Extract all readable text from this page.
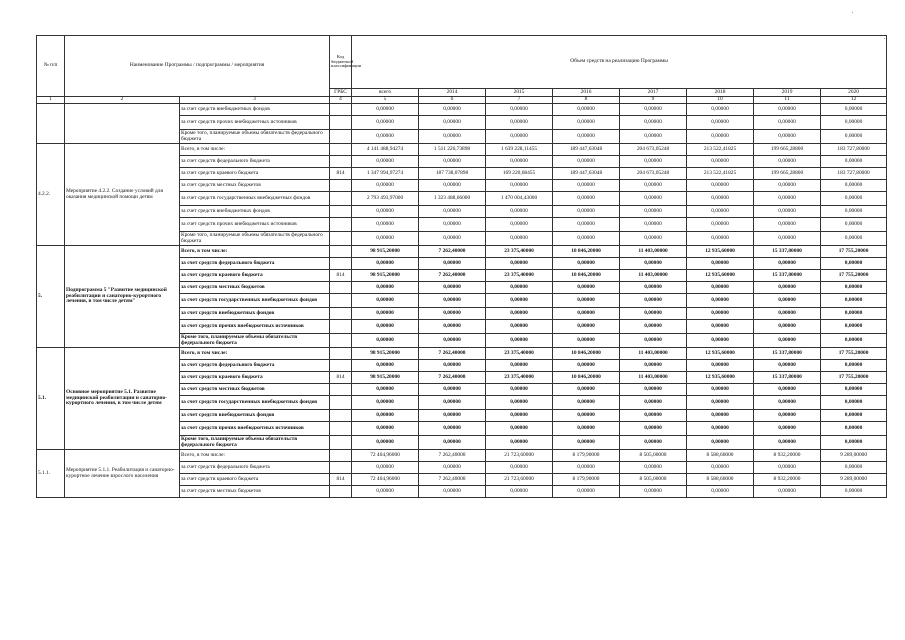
№ п/п	Наименование Программы / подпрограммы / мероприятия		Код бюджетной классификации	Объем средств на реализацию Программы							
			ГРБС	всего	2014	2015	2016	2017	2018	2019	2020
1	2	3	4	5	6	7	8	9	10	11	12
		за счет средств внебюджетных фондов		0,00000	0,00000	0,00000	0,00000	0,00000	0,00000	0,00000	0,00000
		за счет средств прочих внебюджетных источников		0,00000	0,00000	0,00000	0,00000	0,00000	0,00000	0,00000	0,00000
		Кроме того, планируемые объемы обязательств федерального бюджета		0,00000	0,00000	0,00000	0,00000	0,00000	0,00000	0,00000	0,00000
4.2.2.	Мероприятие 4.2.2. Создание условий для оказания медицинской помощи детям	Всего, в том числе:		4 141 488,94274	1 511 226,73898	1 639 228,11455	189 447,63048	204 673,05248	213 522,41825	199 665,28800	183 727,80000
		за счет средств федерального бюджета		0,00000	0,00000	0,00000	0,00000	0,00000	0,00000	0,00000	0,00000
		за счет средств краевого бюджета	814	1 347 994,97274	187 738,07898	169 220,68455	189 447,63048	204 673,05248	213 522,41825	199 665,28800	183 727,80000
		за счет средств местных бюджетов		0,00000	0,00000	0,00000	0,00000	0,00000	0,00000	0,00000	0,00000
		за счет средств государственных внебюджетных фондов		2 793 493,97000	1 323 488,66000	1 470 004,43000	0,00000	0,00000	0,00000	0,00000	0,00000
		за счет средств внебюджетных фондов		0,00000	0,00000	0,00000	0,00000	0,00000	0,00000	0,00000	0,00000
		за счет средств прочих внебюджетных источников		0,00000	0,00000	0,00000	0,00000	0,00000	0,00000	0,00000	0,00000
		Кроме того, планируемые объемы обязательств федерального бюджета		0,00000	0,00000	0,00000	0,00000	0,00000	0,00000	0,00000	0,00000
5.	Подпрограмма 5 "Развитие медицинской реабилитации и санаторно-курортного лечения, в том числе детям"	Всего, в том числе:		98 915,20000	7 262,40000	23 375,40000	10 846,20000	11 403,00000	12 935,60000	15 337,80000	17 755,20000
		за счет средств федерального бюджета		0,00000	0,00000	0,00000	0,00000	0,00000	0,00000	0,00000	0,00000
		за счет средств краевого бюджета	814	98 915,20000	7 262,40000	23 375,40000	10 846,20000	11 403,00000	12 935,60000	15 337,80000	17 755,20000
		за счет средств местных бюджетов		0,00000	0,00000	0,00000	0,00000	0,00000	0,00000	0,00000	0,00000
		за счет средств государственных внебюджетных фондов		0,00000	0,00000	0,00000	0,00000	0,00000	0,00000	0,00000	0,00000
		за счет средств внебюджетных фондов		0,00000	0,00000	0,00000	0,00000	0,00000	0,00000	0,00000	0,00000
		за счет средств прочих внебюджетных источников		0,00000	0,00000	0,00000	0,00000	0,00000	0,00000	0,00000	0,00000
		Кроме того, планируемые объемы обязательств федерального бюджета		0,00000	0,00000	0,00000	0,00000	0,00000	0,00000	0,00000	0,00000
5.1.	Основное мероприятие 5.1. Развитие медицинской реабилитации и санаторно-курортного лечения, в том числе детям	Всего, в том числе:		98 915,20000	7 262,40000	23 375,40000	10 846,20000	11 403,00000	12 935,60000	15 337,80000	17 755,20000
		за счет средств федерального бюджета		0,00000	0,00000	0,00000	0,00000	0,00000	0,00000	0,00000	0,00000
		за счет средств краевого бюджета	814	98 915,20000	7 262,40000	23 375,40000	10 846,20000	11 403,00000	12 935,60000	15 337,80000	17 755,20000
		за счет средств местных бюджетов		0,00000	0,00000	0,00000	0,00000	0,00000	0,00000	0,00000	0,00000
		за счет средств государственных внебюджетных фондов		0,00000	0,00000	0,00000	0,00000	0,00000	0,00000	0,00000	0,00000
		за счет средств внебюджетных фондов		0,00000	0,00000	0,00000	0,00000	0,00000	0,00000	0,00000	0,00000
		за счет средств прочих внебюджетных источников		0,00000	0,00000	0,00000	0,00000	0,00000	0,00000	0,00000	0,00000
		Кроме того, планируемые объемы обязательств федерального бюджета		0,00000	0,00000	0,00000	0,00000	0,00000	0,00000	0,00000	0,00000
5.1.1.	Мероприятие 5.1.1. Реабилитация и санаторно-курортное лечение взрослого населения	Всего, в том числе:		72 464,96000	7 262,40000	21 723,60000	8 179,90000	8 505,00000	8 588,60000	8 932,20000	9 289,00000
		за счет средств федерального бюджета		0,00000	0,00000	0,00000	0,00000	0,00000	0,00000	0,00000	0,00000
		за счет средств краевого бюджета	814	72 464,96000	7 262,40000	21 723,60000	8 179,90000	8 505,00000	8 588,60000	8 932,20000	9 289,00000
		за счет средств местных бюджетов		0,00000	0,00000	0,00000	0,00000	0,00000	0,00000	0,00000	0,00000
